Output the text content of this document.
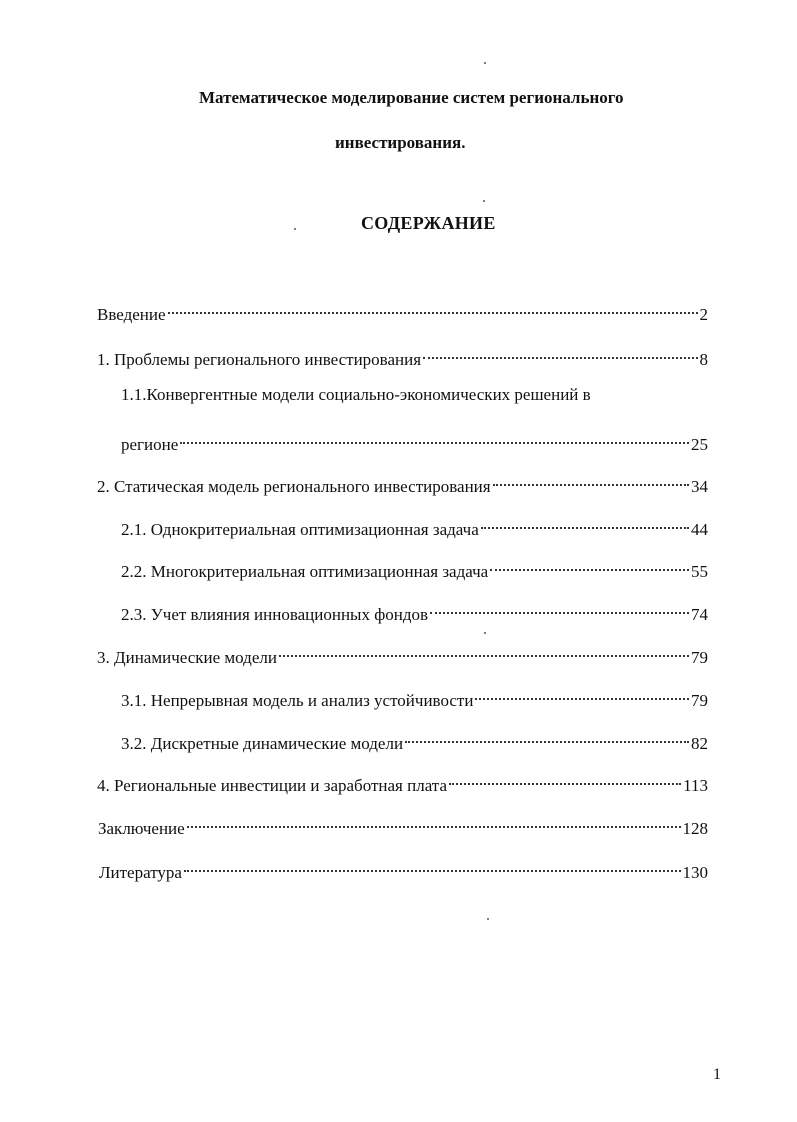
Математическое моделирование систем регионального
инвестирования.
СОДЕРЖАНИЕ
Введение	2
1. Проблемы регионального инвестирования	8
1.1.Конвергентные модели социально-экономических решений в
регионе	25
2. Статическая модель регионального инвестирования	34
2.1. Однокритериальная оптимизационная задача	44
2.2. Многокритериальная оптимизационная задача	55
2.3. Учет влияния инновационных фондов	74
3. Динамические модели	79
3.1. Непрерывная модель и анализ устойчивости	79
3.2. Дискретные динамические модели	82
4. Региональные инвестиции и заработная плата	113
Заключение	128
Литература	130
1
